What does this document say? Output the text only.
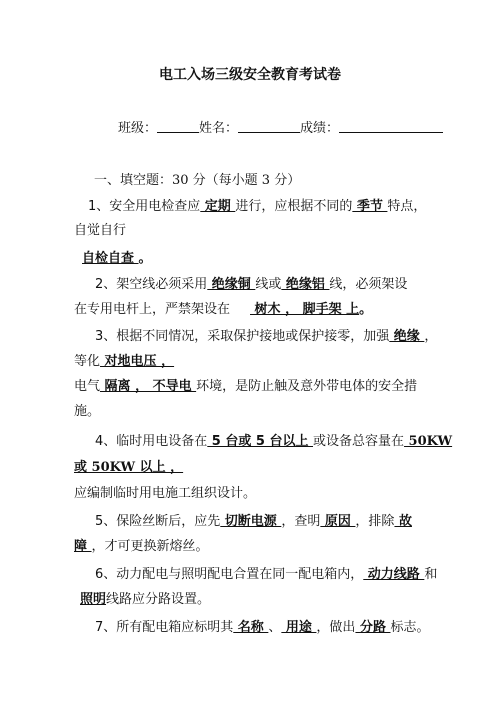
电工入场三级安全教育考试卷
班级：	姓名：	成绩：
一、填空题：30 分（每小题 3 分）
1、安全用电检查应 定期 进行，应根据不同的 季节 特点，
自觉自行
自检自查 。
2、架空线必须采用 绝缘铜 线或 绝缘铝 线，必须架设
在专用电杆上，严禁架设在 树木 ， 脚手架 上。
3、根据不同情况，采取保护接地或保护接零，加强 绝缘 ，
等化 对地电压 ，
电气 隔离 ， 不导电 环境，是防止触及意外带电体的安全措
施。
4、临时用电设备在 5 台或 5 台以上 或设备总容量在 50KW
或 50KW 以上 ，
应编制临时用电施工组织设计。
5、保险丝断后，应先 切断电源 ，查明 原因 ，排除 故
障 ，才可更换新熔丝。
6、动力配电与照明配电合置在同一配电箱内， 动力线路 和
照明线路应分路设置。
7、所有配电箱应标明其 名称 、 用途 ，做出 分路 标志。
